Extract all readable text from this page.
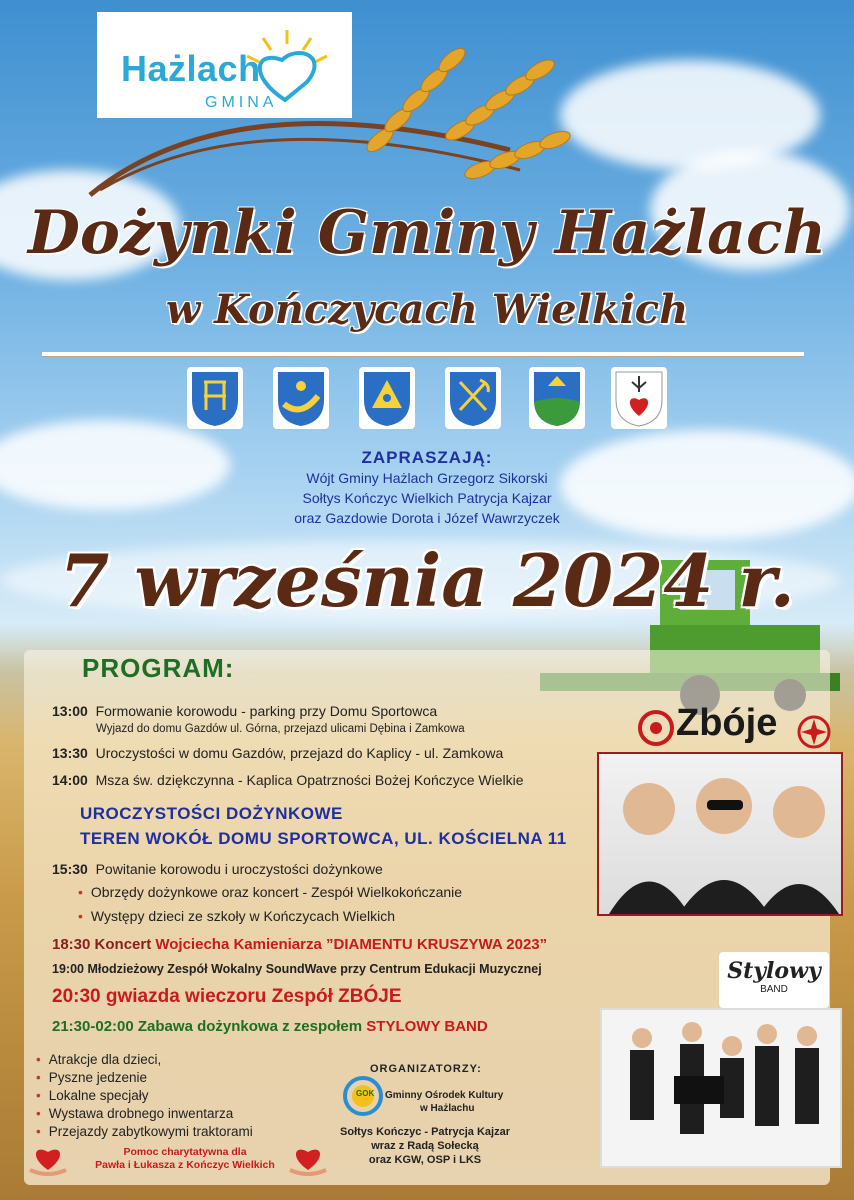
Hażlach
GMINA
Dożynki Gminy Hażlach
w Kończycach Wielkich
ZAPRASZAJĄ:
Wójt Gminy Hażlach Grzegorz Sikorski
Sołtys Kończyc Wielkich Patrycja Kajzar
oraz Gazdowie Dorota i Józef Wawrzyczek
7 września 2024 r.
PROGRAM:
13:00 Formowanie korowodu - parking przy Domu Sportowca
Wyjazd do domu Gazdów ul. Górna, przejazd ulicami Dębina i Zamkowa
13:30 Uroczystości w domu Gazdów, przejazd do Kaplicy - ul. Zamkowa
14:00 Msza św. dziękczynna - Kaplica Opatrzności Bożej Kończyce Wielkie
UROCZYSTOŚCI DOŻYNKOWE
TEREN WOKÓŁ DOMU SPORTOWCA, UL. KOŚCIELNA 11
15:30 Powitanie korowodu i uroczystości dożynkowe
• Obrzędy dożynkowe oraz koncert - Zespół Wielkokończanie
• Występy dzieci ze szkoły w Kończycach Wielkich
18:30 Koncert Wojciecha Kamieniarza ”DIAMENTU KRUSZYWA 2023”
19:00 Młodzieżowy Zespół Wokalny SoundWave przy Centrum Edukacji Muzycznej
20:30 gwiazda wieczoru Zespół ZBÓJE
21:30-02:00 Zabawa dożynkowa z zespołem STYLOWY BAND
Zbóje
Stylowy
BAND
• Atrakcje dla dzieci,
• Pyszne jedzenie
• Lokalne specjały
• Wystawa drobnego inwentarza
• Przejazdy zabytkowymi traktorami
Pomoc charytatywna dla
Pawła i Łukasza z Kończyc Wielkich
ORGANIZATORZY:
GOK Gminny Ośrodek Kultury
w Hażlachu
Sołtys Kończyc - Patrycja Kajzar
wraz z Radą Sołecką
oraz KGW, OSP i LKS
